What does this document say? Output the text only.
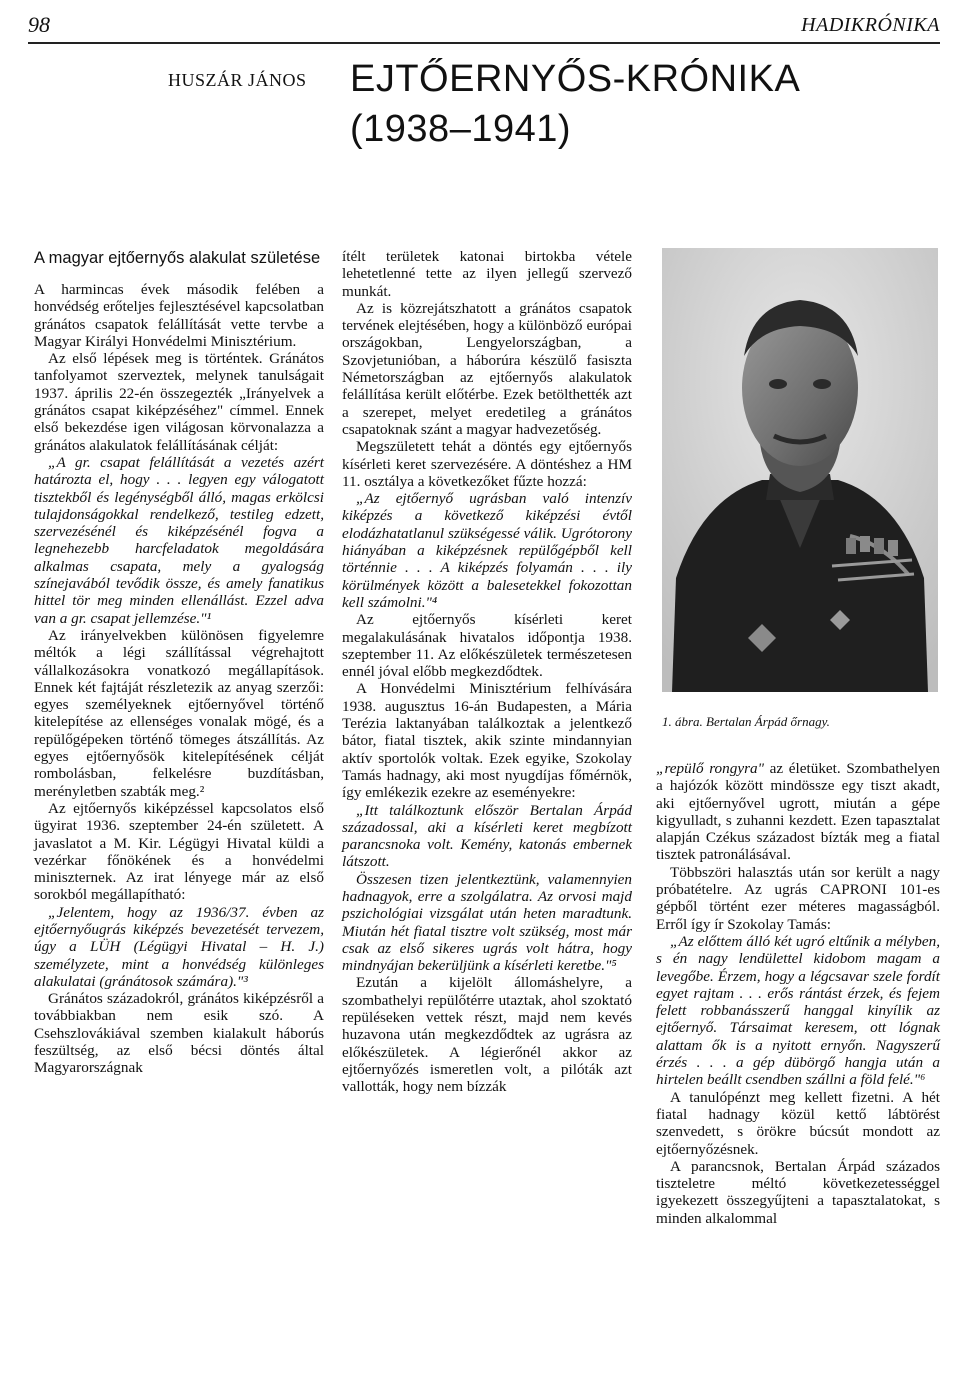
98	HADIKRÓNIKA
HUSZÁR JÁNOS EJTŐERNYŐS-KRÓNIKA
(1938–1941)
A magyar ejtőernyős alakulat születése

A harmincas évek második felében a honvédség erőteljes fejlesztésével kapcsolatban gránátos csapatok felállítását vette tervbe a Magyar Királyi Honvédelmi Minisztérium.

Az első lépések meg is történtek. Gránátos tanfolyamot szerveztek, melynek tanulságait 1937. április 22-én összegezték „Irányelvek a gránátos csapat kiképzéséhez" címmel. Ennek első bekezdése igen világosan körvonalazza a gránátos alakulatok felállításának célját:

„A gr. csapat felállítását a vezetés azért határozta el, hogy . . . legyen egy válogatott tisztekből és legénységből álló, magas erkölcsi tulajdonságokkal rendelkező, testileg edzett, szervezésénél és kiképzésénél fogva a legnehezebb harcfeladatok megoldására alkalmas csapata, mely a gyalogság színejavából tevődik össze, és amely fanatikus hittel tör meg minden ellenállást. Ezzel adva van a gr. csapat jellemzése."¹

Az irányelvekben különösen figyelemre méltók a légi szállítással végrehajtott vállalkozásokra vonatkozó megállapítások. Ennek két fajtáját részletezik az anyag szerzői: egyes személyeknek ejtőernyővel történő kitelepítése az ellenséges vonalak mögé, és a repülőgépeken történő tömeges átszállítás. Az egyes ejtőernyősök kitelepítésének célját rombolásban, felkelésre buzdításban, merényletben szabták meg.²

Az ejtőernyős kiképzéssel kapcsolatos első ügyirat 1936. szeptember 24-én született. A javaslatot a M. Kir. Légügyi Hivatal küldi a vezérkar főnökének és a honvédelmi miniszternek. Az irat lényege már az első sorokból megállapítható:

„Jelentem, hogy az 1936/37. évben az ejtőernyőugrás kiképzés bevezetését tervezem, úgy a LÜH (Légügyi Hivatal – H. J.) személyzete, mint a honvédség különleges alakulatai (gránátosok számára)."³

Gránátos századokról, gránátos kiképzésről a továbbiakban nem esik szó. A Csehszlovákiával szemben kialakult háborús feszültség, az első bécsi döntés által Magyarországnak

ítélt területek katonai birtokba vétele lehetetlenné tette az ilyen jellegű szervező munkát.

Az is közrejátszhatott a gránátos csapatok tervének elejtésében, hogy a különböző európai országokban, Lengyelországban, a Szovjetunióban, a háborúra készülő fasiszta Németországban az ejtőernyős alakulatok felállítása került előtérbe. Ezek betölthették azt a szerepet, melyet eredetileg a gránátos csapatoknak szánt a magyar hadvezetőség.

Megszületett tehát a döntés egy ejtőernyős kísérleti keret szervezésére. A döntéshez a HM 11. osztálya a következőket fűzte hozzá:

„Az ejtőernyő ugrásban való intenzív kiképzés a következő kiképzési évtől elodázhatatlanul szükségessé válik. Ugrótorony hiányában a kiképzésnek repülőgépből kell történnie . . . A kiképzés folyamán . . . ily körülmények között a balesetekkel fokozottan kell számolni."⁴

Az ejtőernyős kísérleti keret megalakulásának hivatalos időpontja 1938. szeptember 11. Az előkészületek természetesen ennél jóval előbb megkezdődtek.

A Honvédelmi Minisztérium felhívására 1938. augusztus 16-án Budapesten, a Mária Terézia laktanyában találkoztak a jelentkező bátor, fiatal tisztek, akik szinte mindannyian aktív sportolók voltak. Ezek egyike, Szokolay Tamás hadnagy, aki most nyugdíjas főmérnök, így emlékezik ezekre az eseményekre:

„Itt találkoztunk először Bertalan Árpád századossal, aki a kísérleti keret megbízott parancsnoka volt. Kemény, katonás embernek látszott.

Összesen tizen jelentkeztünk, valamennyien hadnagyok, erre a szolgálatra. Az orvosi majd pszichológiai vizsgálat után heten maradtunk. Miután hét fiatal tisztre volt szükség, most már csak az első sikeres ugrás volt hátra, hogy mindnyájan bekerüljünk a kísérleti keretbe."⁵

Ezután a kijelölt állomáshelyre, a szombathelyi repülőtérre utaztak, ahol szoktató repüléseken vettek részt, majd nem kevés huzavona után megkezdődtek az ugrásra az előkészületek. A légierőnél akkor az ejtőernyőzés ismeretlen volt, a pilóták azt vallották, hogy nem bízzák

1. ábra. Bertalan Árpád őrnagy.

„repülő rongyra" az életüket. Szombathelyen a hajózók között mindössze egy tiszt akadt, aki ejtőernyővel ugrott, miután a gépe kigyulladt, s zuhanni kezdett. Ezen tapasztalat alapján Czékus századost bízták meg a fiatal tisztek patronálásával.

Többszöri halasztás után sor került a nagy próbatételre. Az ugrás CAPRONI 101-es gépből történt ezer méteres magasságból. Erről így ír Szokolay Tamás:

„Az előttem álló két ugró eltűnik a mélyben, s én nagy lendülettel kidobom magam a levegőbe. Érzem, hogy a légcsavar szele fordít egyet rajtam . . . erős rántást érzek, és fejem felett robbanásszerű hanggal kinyílik az ejtőernyő. Társaimat keresem, ott lógnak alattam ők is a nyitott ernyőn. Nagyszerű érzés . . . a gép dübörgő hangja után a hirtelen beállt csendben szállni a föld felé."⁶

A tanulópénzt meg kellett fizetni. A hét fiatal hadnagy közül kettő lábtörést szenvedett, s örökre búcsút mondott az ejtőernyőzésnek.

A parancsnok, Bertalan Árpád százados tiszteletre méltó következetességgel igyekezett összegyűjteni a tapasztalatokat, s minden alkalommal
